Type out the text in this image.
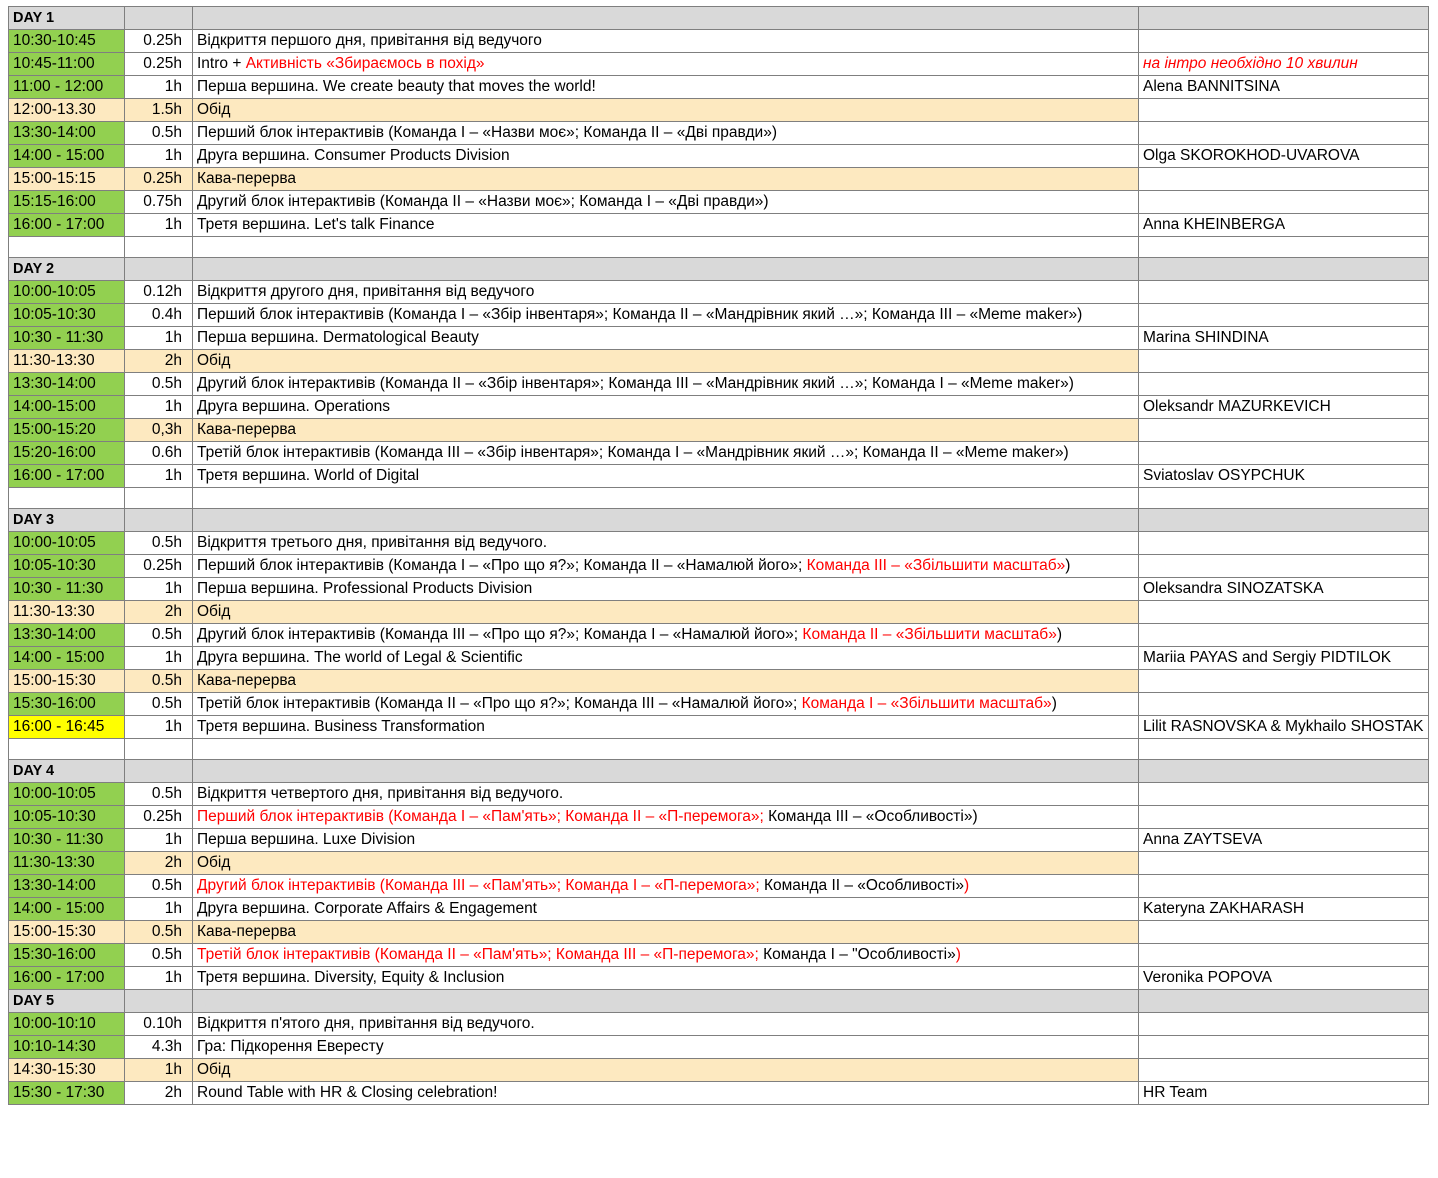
DAY 1			
10:30-10:45	0.25h	Відкриття першого дня, привітання від ведучого	
10:45-11:00	0.25h	Intro + Активність «Збираємось в похід»	на інтро необхідно 10 хвилин
11:00 - 12:00	1h	Перша вершина. We create beauty that moves the world!	Alena BANNITSINA
12:00-13.30	1.5h	Обід	
13:30-14:00	0.5h	Перший блок інтерактивів (Команда І – «Назви моє»; Команда ІІ – «Дві правди»)	
14:00 - 15:00	1h	Друга вершина. Consumer Products Division	Olga SKOROKHOD-UVAROVA
15:00-15:15	0.25h	Кава-перерва	
15:15-16:00	0.75h	Другий блок інтерактивів (Команда ІІ – «Назви моє»; Команда І – «Дві правди»)	
16:00 - 17:00	1h	Третя вершина. Let's talk Finance	Anna KHEINBERGA

DAY 2			
10:00-10:05	0.12h	Відкриття другого дня, привітання від ведучого	
10:05-10:30	0.4h	Перший блок інтерактивів (Команда І – «Збір інвентаря»; Команда ІІ – «Мандрівник який …»; Команда ІІІ – «Meme maker»)	
10:30 - 11:30	1h	Перша вершина. Dermatological Beauty	Marina SHINDINA
11:30-13:30	2h	Обід	
13:30-14:00	0.5h	Другий блок інтерактивів (Команда ІІ – «Збір інвентаря»; Команда ІІІ – «Мандрівник який …»; Команда І – «Meme maker»)	
14:00-15:00	1h	Друга вершина. Operations	Oleksandr MAZURKEVICH
15:00-15:20	0,3h	Кава-перерва	
15:20-16:00	0.6h	Третій блок інтерактивів (Команда ІІІ – «Збір інвентаря»; Команда І – «Мандрівник який …»; Команда ІІ – «Meme maker»)	
16:00 - 17:00	1h	Третя вершина. World of Digital	Sviatoslav OSYPCHUK

DAY 3			
10:00-10:05	0.5h	Відкриття третього дня, привітання від ведучого.	
10:05-10:30	0.25h	Перший блок інтерактивів (Команда І – «Про що я?»; Команда ІІ – «Намалюй його»; Команда ІІІ – «Збільшити масштаб»)	
10:30 - 11:30	1h	Перша вершина. Professional Products Division	Oleksandra SINOZATSKA
11:30-13:30	2h	Обід	
13:30-14:00	0.5h	Другий блок інтерактивів (Команда ІІІ – «Про що я?»; Команда І – «Намалюй його»; Команда ІІ – «Збільшити масштаб»)	
14:00 - 15:00	1h	Друга вершина. The world of Legal & Scientific	Mariia PAYAS and Sergiy PIDTILOK
15:00-15:30	0.5h	Кава-перерва	
15:30-16:00	0.5h	Третій блок інтерактивів (Команда ІІ – «Про що я?»; Команда ІІІ – «Намалюй його»; Команда І – «Збільшити масштаб»)	
16:00 - 16:45	1h	Третя вершина. Business Transformation	Lilit RASNOVSKA & Mykhailo SHOSTAK

DAY 4			
10:00-10:05	0.5h	Відкриття четвертого дня, привітання від ведучого.	
10:05-10:30	0.25h	Перший блок інтерактивів (Команда І – «Пам'ять»; Команда ІІ – «П-перемога»; Команда ІІІ – «Особливості»)	
10:30 - 11:30	1h	Перша вершина. Luxe Division	Anna ZAYTSEVA
11:30-13:30	2h	Обід	
13:30-14:00	0.5h	Другий блок інтерактивів (Команда ІІІ – «Пам'ять»; Команда І – «П-перемога»; Команда ІІ – «Особливості»)	
14:00 - 15:00	1h	Друга вершина. Corporate Affairs & Engagement	Kateryna ZAKHARASH
15:00-15:30	0.5h	Кава-перерва	
15:30-16:00	0.5h	Третій блок інтерактивів (Команда ІІ – «Пам'ять»; Команда ІІІ – «П-перемога»; Команда І – "Особливості»)	
16:00 - 17:00	1h	Третя вершина. Diversity, Equity & Inclusion	Veronika POPOVA
DAY 5			
10:00-10:10	0.10h	Відкриття п'ятого дня, привітання від ведучого.	
10:10-14:30	4.3h	Гра: Підкорення Евересту	
14:30-15:30	1h	Обід	
15:30 - 17:30	2h	Round Table with HR & Closing celebration!	HR Team
